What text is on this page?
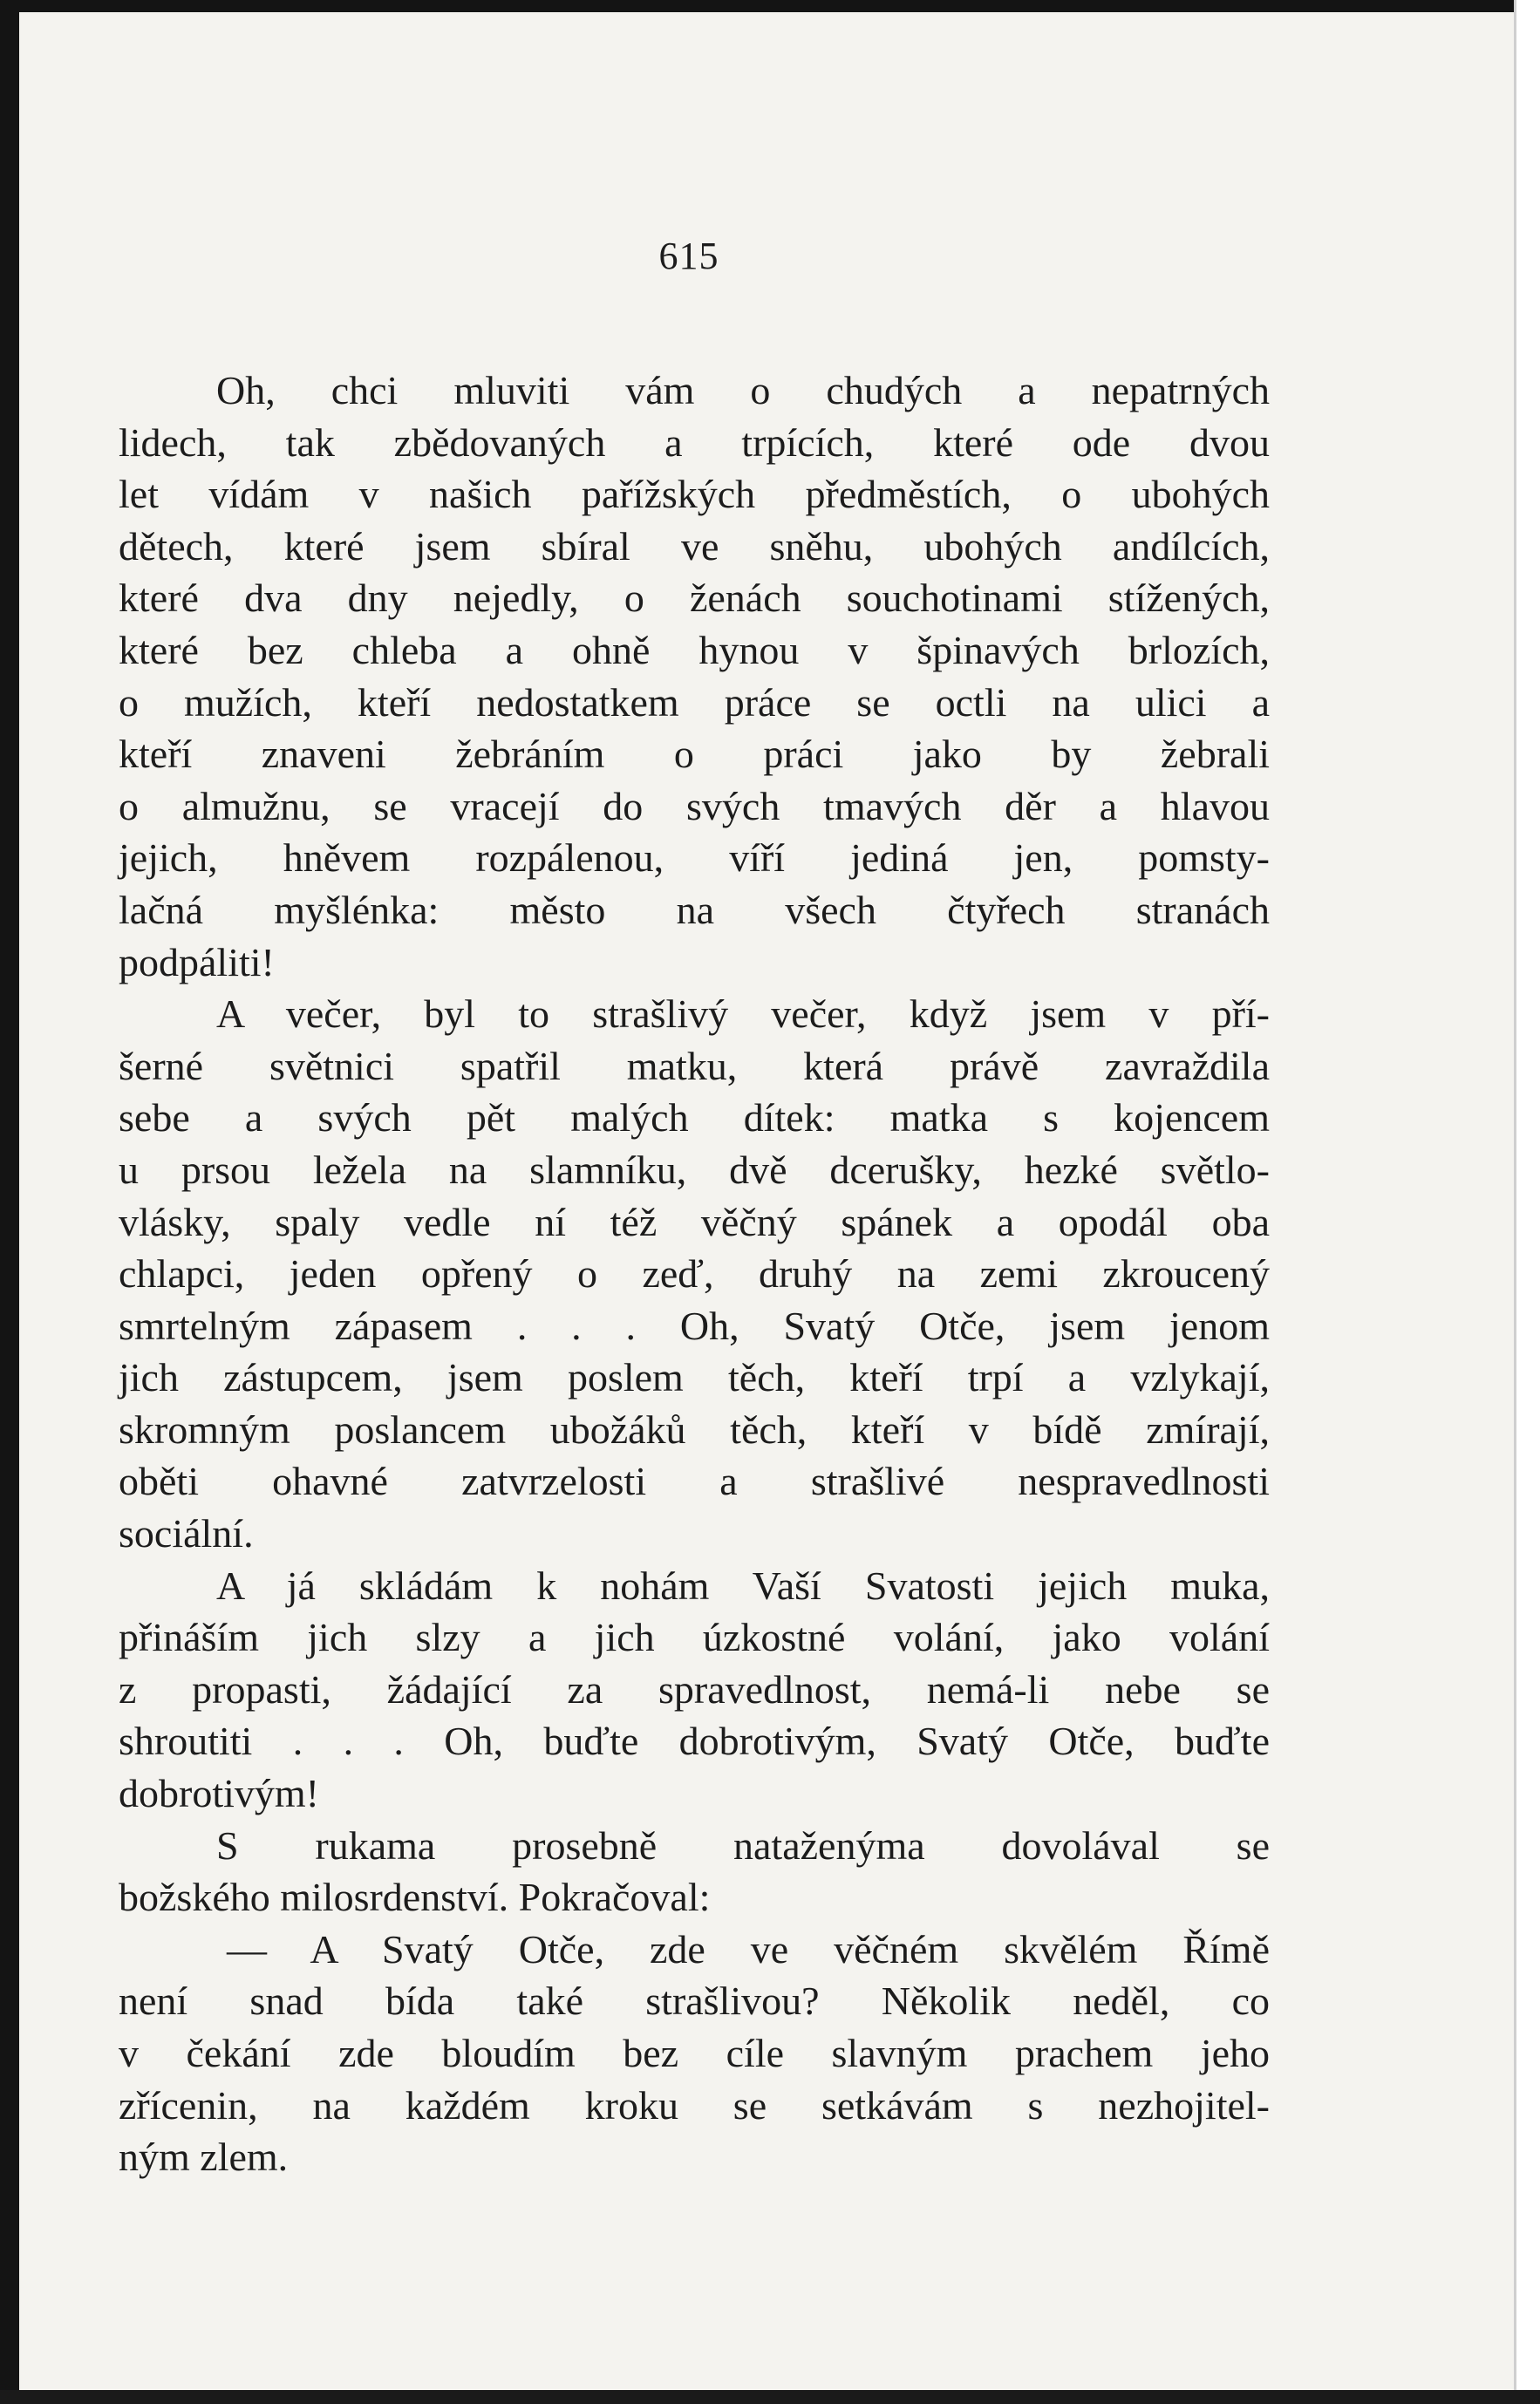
615

Oh, chci mluviti vám o chudých a nepatrných
lidech, tak zbědovaných a trpících, které ode dvou
let vídám v našich pařížských předměstích, o ubohých
dětech, které jsem sbíral ve sněhu, ubohých andílcích,
které dva dny nejedly, o ženách souchotinami stížených,
které bez chleba a ohně hynou v špinavých brlozích,
o mužích, kteří nedostatkem práce se octli na ulici a
kteří znaveni žebráním o práci jako by žebrali
o almužnu, se vracejí do svých tmavých děr a hlavou
jejich, hněvem rozpálenou, víří jediná jen, pomsty-
lačná myšlénka: město na všech čtyřech stranách
podpáliti!

A večer, byl to strašlivý večer, když jsem v pří-
šerné světnici spatřil matku, která právě zavraždila
sebe a svých pět malých dítek: matka s kojencem
u prsou ležela na slamníku, dvě dcerušky, hezké světlo-
vlásky, spaly vedle ní též věčný spánek a opodál oba
chlapci, jeden opřený o zeď, druhý na zemi zkroucený
smrtelným zápasem . . . Oh, Svatý Otče, jsem jenom
jich zástupcem, jsem poslem těch, kteří trpí a vzlykají,
skromným poslancem ubožáků těch, kteří v bídě zmírají,
oběti ohavné zatvrzelosti a strašlivé nespravedlnosti
sociální.

A já skládám k nohám Vaší Svatosti jejich muka,
přináším jich slzy a jich úzkostné volání, jako volání
z propasti, žádající za spravedlnost, nemá-li nebe se
shroutiti . . . Oh, buďte dobrotivým, Svatý Otče, buďte
dobrotivým!

S rukama prosebně nataženýma dovolával se
božského milosrdenství. Pokračoval:

— A Svatý Otče, zde ve věčném skvělém Římě
není snad bída také strašlivou? Několik neděl, co
v čekání zde bloudím bez cíle slavným prachem jeho
zřícenin, na každém kroku se setkávám s nezhojitel-
ným zlem.
